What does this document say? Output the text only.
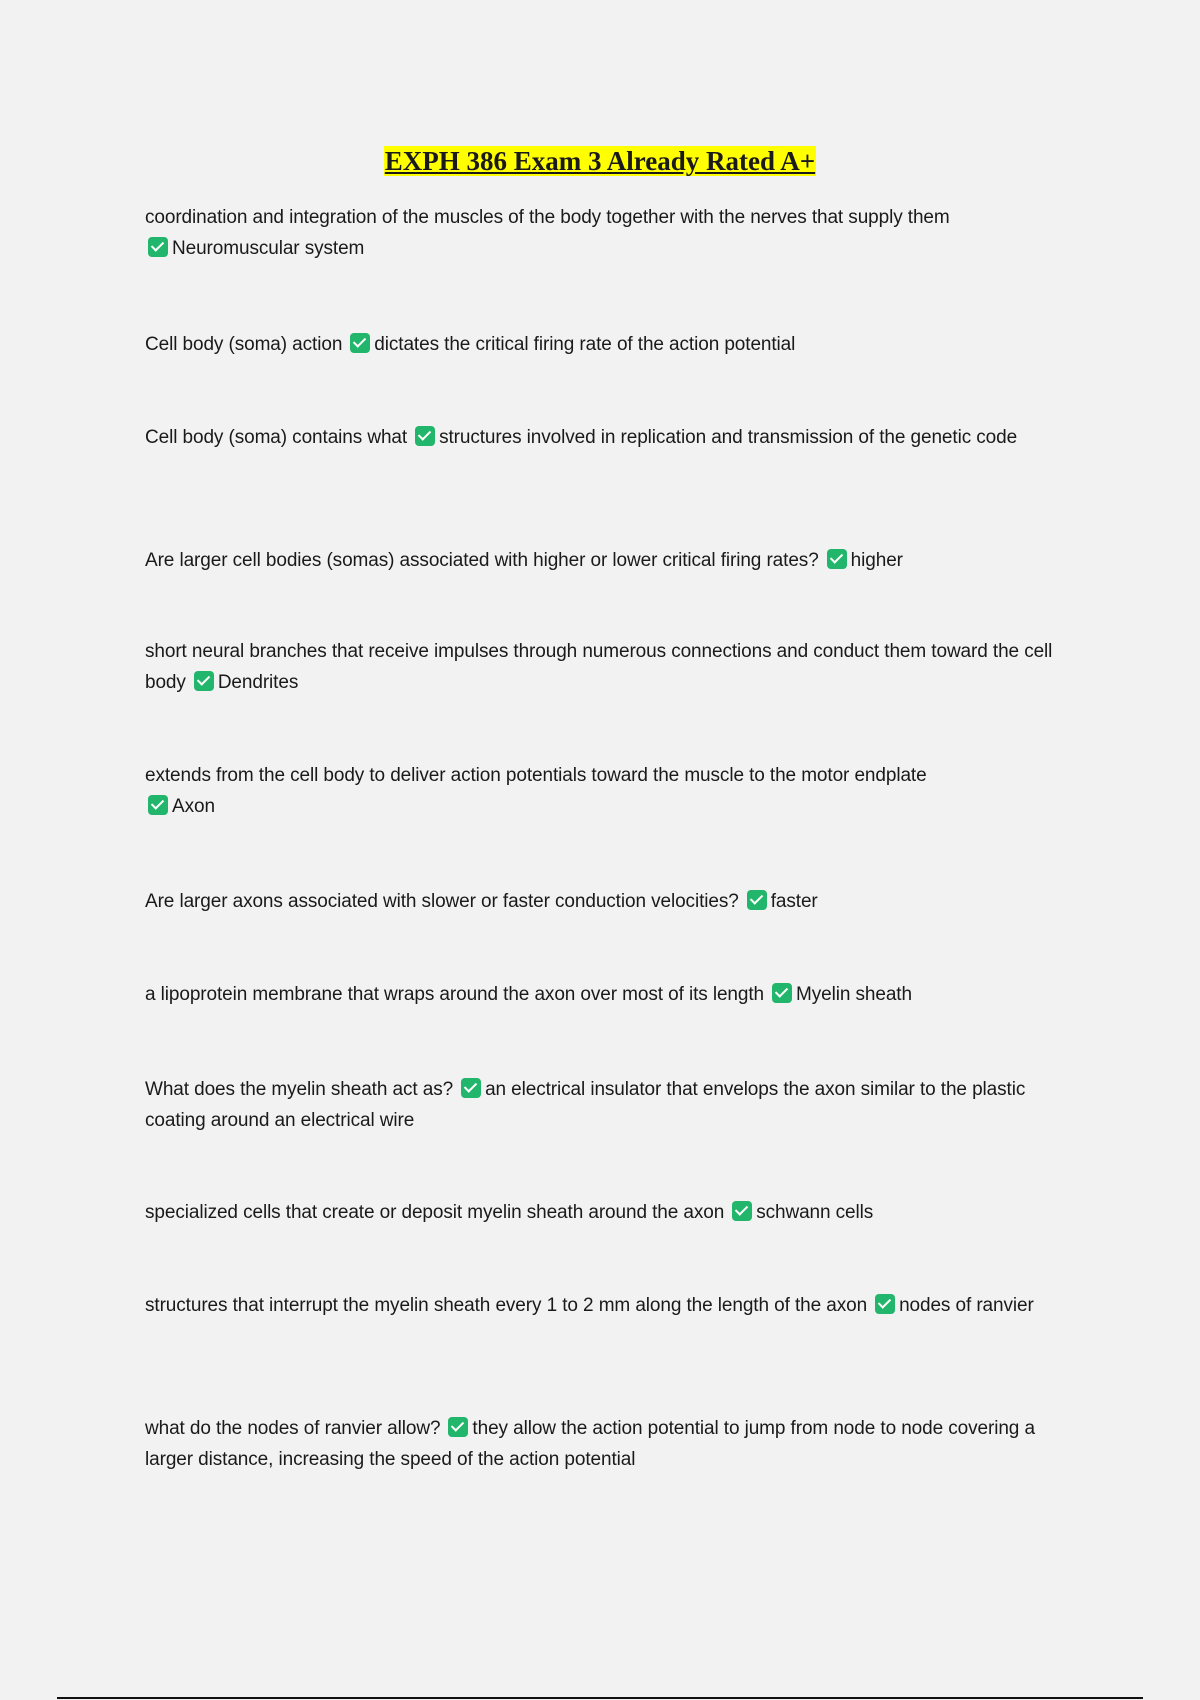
EXPH 386 Exam 3 Already Rated A+
coordination and integration of the muscles of the body together with the nerves that supply them
Neuromuscular system
Cell body (soma) action dictates the critical firing rate of the action potential
Cell body (soma) contains what structures involved in replication and transmission of the genetic code
Are larger cell bodies (somas) associated with higher or lower critical firing rates? higher
short neural branches that receive impulses through numerous connections and conduct them toward the cell body Dendrites
extends from the cell body to deliver action potentials toward the muscle to the motor endplate
Axon
Are larger axons associated with slower or faster conduction velocities? faster
a lipoprotein membrane that wraps around the axon over most of its length Myelin sheath
What does the myelin sheath act as? an electrical insulator that envelops the axon similar to the plastic coating around an electrical wire
specialized cells that create or deposit myelin sheath around the axon schwann cells
structures that interrupt the myelin sheath every 1 to 2 mm along the length of the axon nodes of ranvier
what do the nodes of ranvier allow? they allow the action potential to jump from node to node covering a larger distance, increasing the speed of the action potential
